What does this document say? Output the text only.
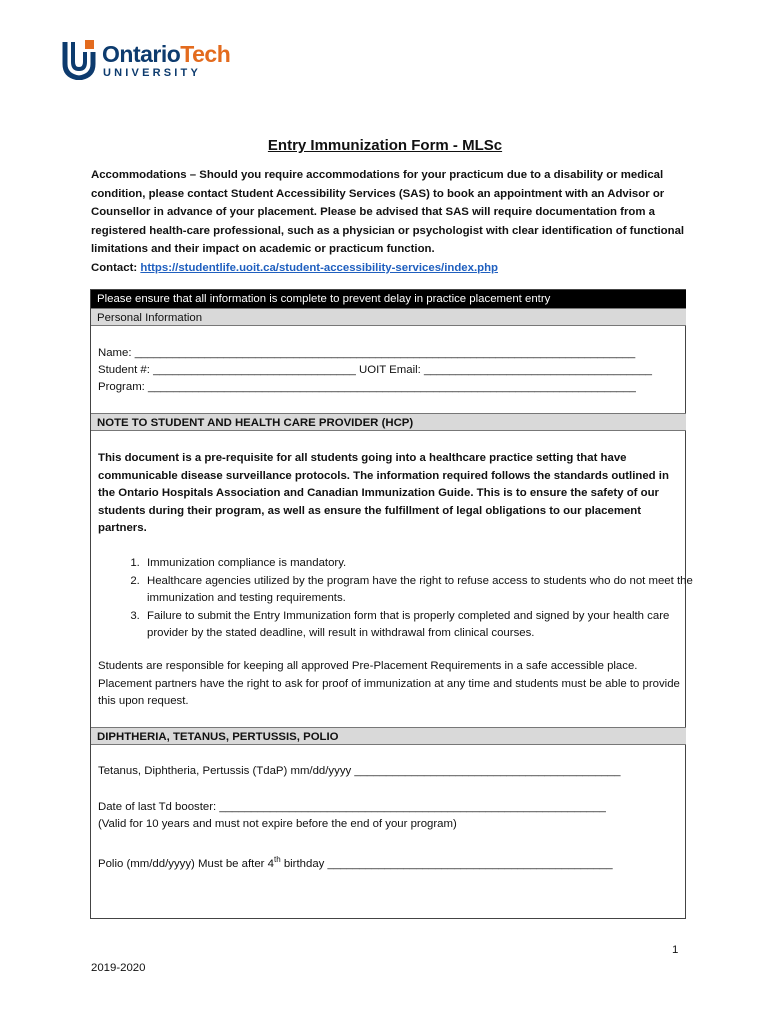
OntarioTech
UNIVERSITY
Entry Immunization Form - MLSc
Accommodations – Should you require accommodations for your practicum due to a disability or medical condition, please contact Student Accessibility Services (SAS) to book an appointment with an Advisor or Counsellor in advance of your placement. Please be advised that SAS will require documentation from a registered health-care professional, such as a physician or psychologist with clear identification of functional limitations and their impact on academic or practicum function.
Contact: https://studentlife.uoit.ca/student-accessibility-services/index.php
Please ensure that all information is complete to prevent delay in practice placement entry
Personal Information
Name: _______________________________________________________________________________
Student #: ________________________________ UOIT Email: ____________________________________
Program: _____________________________________________________________________________
NOTE TO STUDENT AND HEALTH CARE PROVIDER (HCP)
This document is a pre-requisite for all students going into a healthcare practice setting that have communicable disease surveillance protocols. The information required follows the standards outlined in the Ontario Hospitals Association and Canadian Immunization Guide. This is to ensure the safety of our students during their program, as well as ensure the fulfillment of legal obligations to our placement partners.
1. Immunization compliance is mandatory.
2. Healthcare agencies utilized by the program have the right to refuse access to students who do not meet the immunization and testing requirements.
3. Failure to submit the Entry Immunization form that is properly completed and signed by your health care provider by the stated deadline, will result in withdrawal from clinical courses.
Students are responsible for keeping all approved Pre-Placement Requirements in a safe accessible place. Placement partners have the right to ask for proof of immunization at any time and students must be able to provide this upon request.
DIPHTHERIA, TETANUS, PERTUSSIS, POLIO
Tetanus, Diphtheria, Pertussis (TdaP) mm/dd/yyyy __________________________________________
Date of last Td booster: _____________________________________________________________
(Valid for 10 years and must not expire before the end of your program)
Polio (mm/dd/yyyy) Must be after 4th birthday _____________________________________________
1
2019-2020
